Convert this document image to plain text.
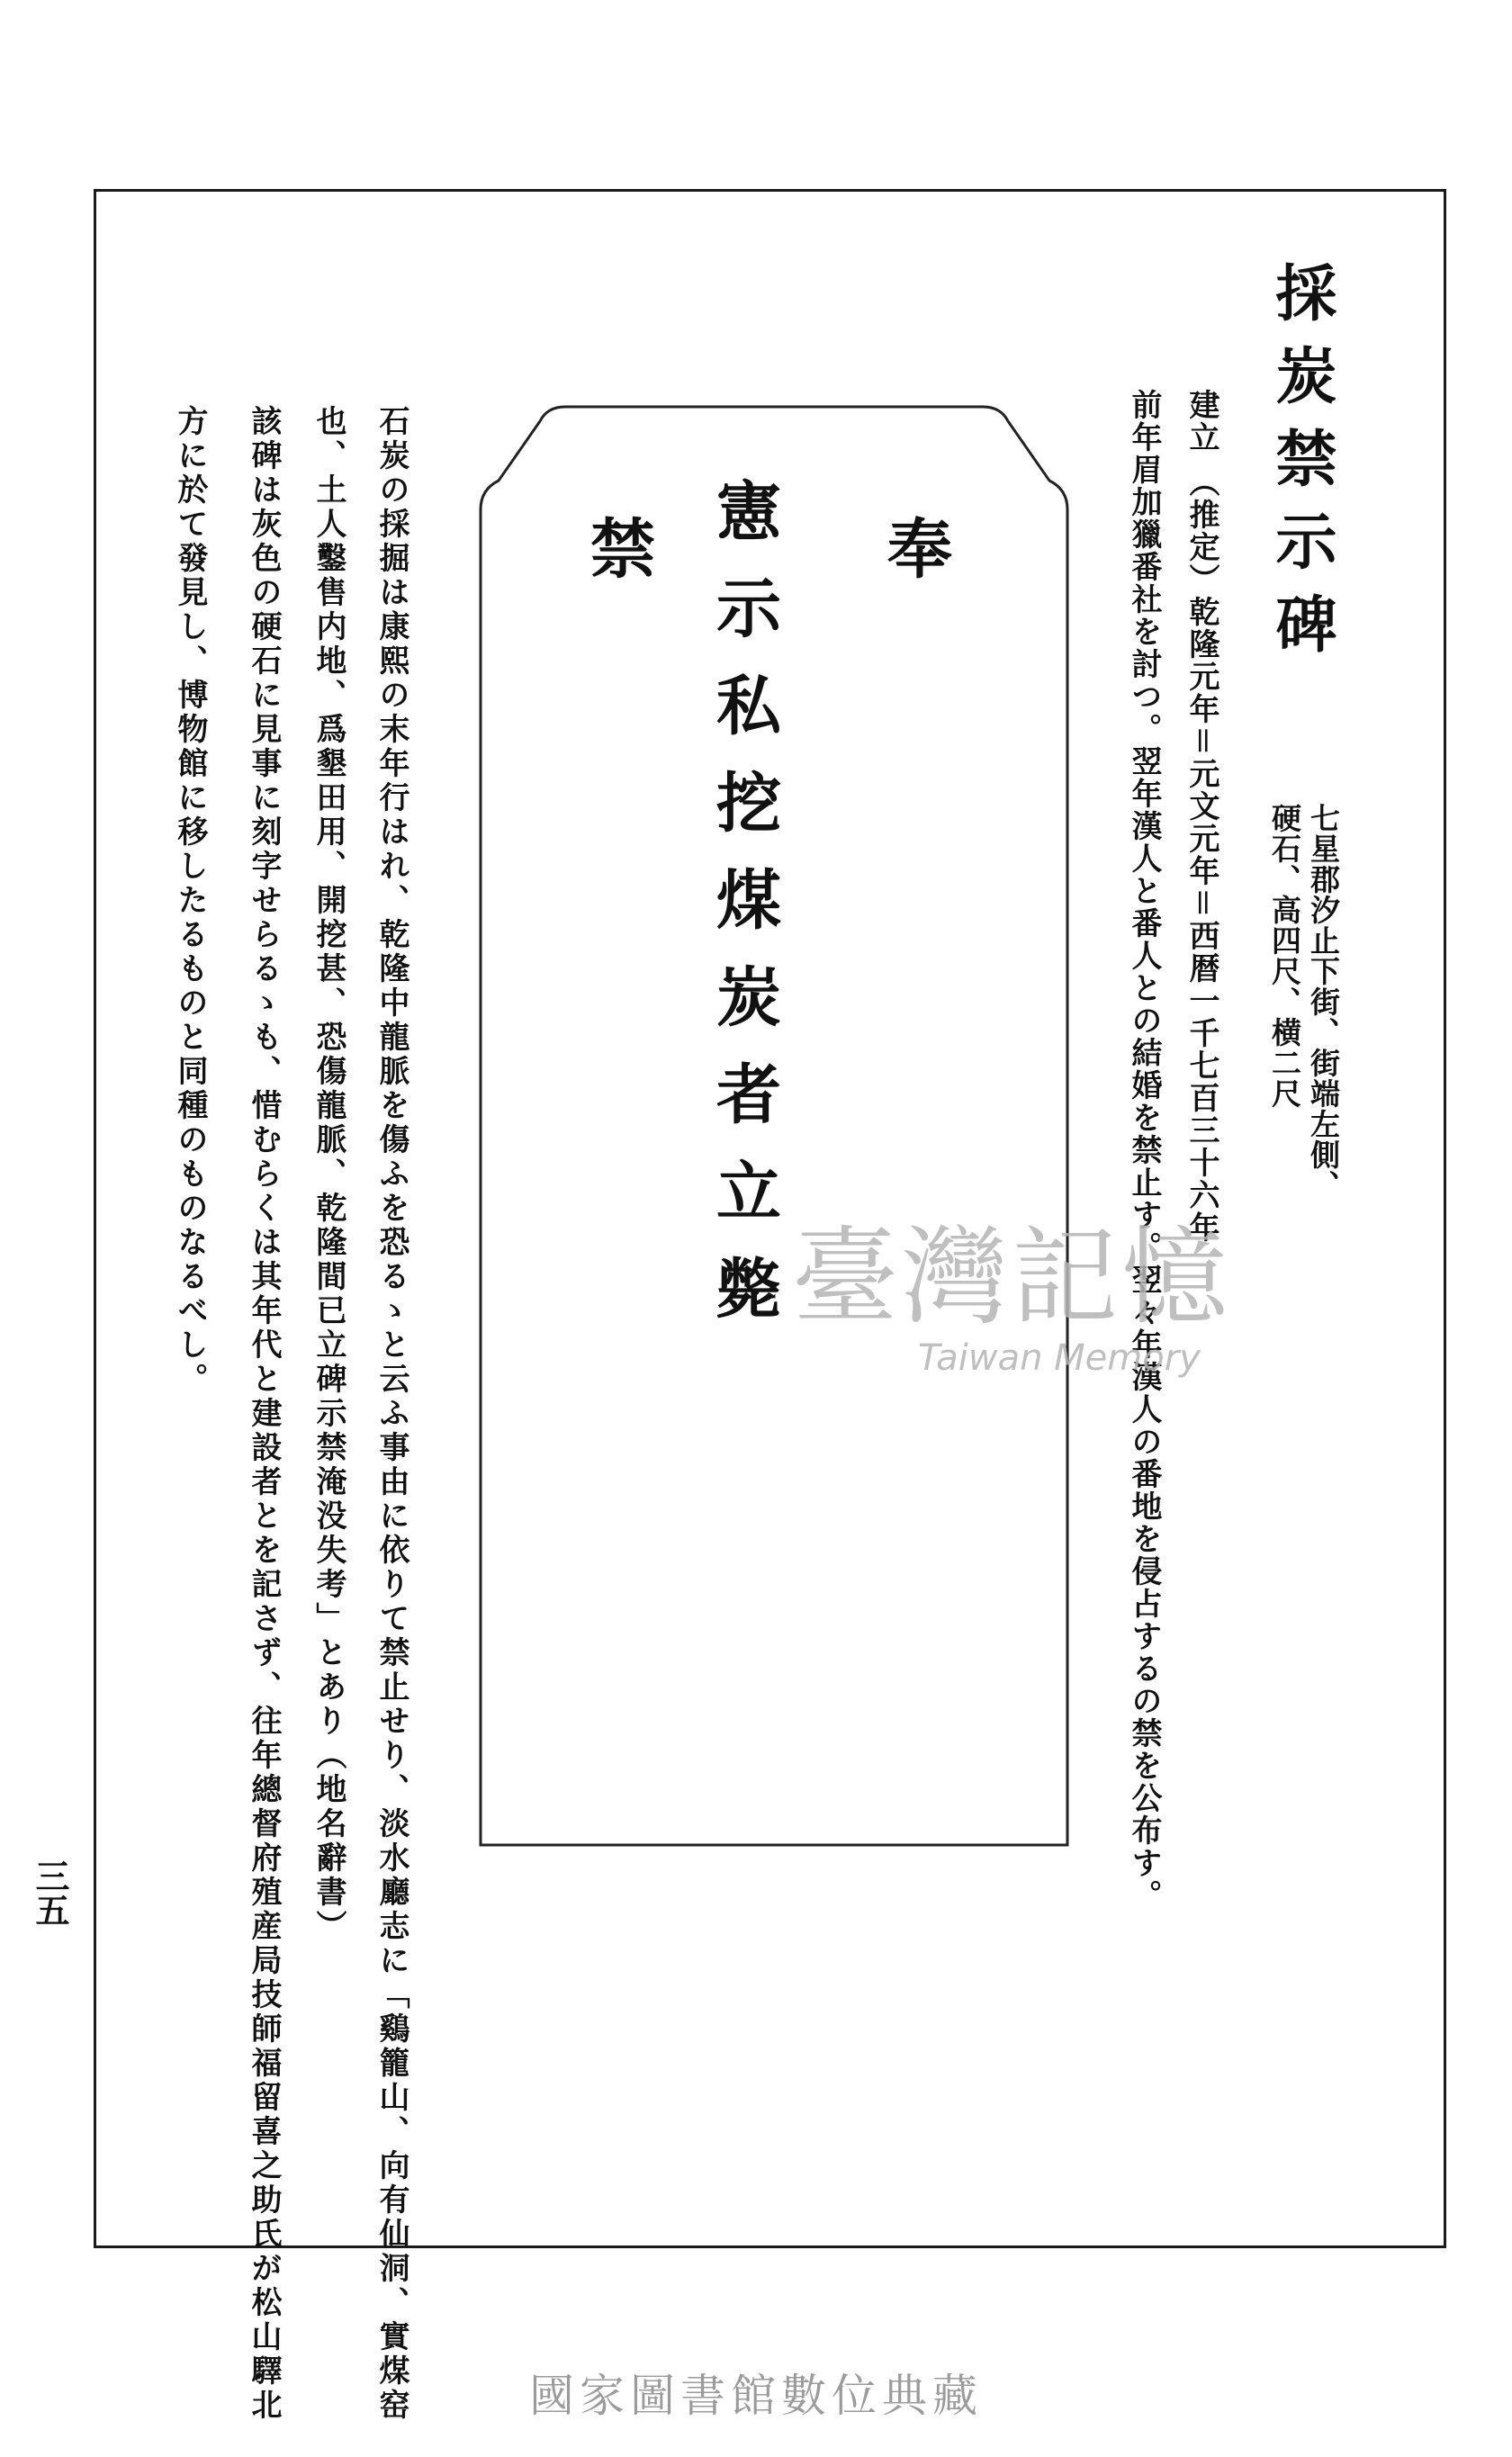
採炭禁示碑
七星郡汐止下街、街端左側、
硬石、高四尺、横二尺
建立 （推定）乾隆元年＝元文元年＝西暦一千七百三十六年
前年眉加獵番社を討つ。翌年漢人と番人との結婚を禁止す。翌々年漢人の番地を侵占するの禁を公布す。
奉
憲示私挖煤炭者立斃
禁
石炭の採掘は康熙の末年行はれ、乾隆中龍脈を傷ふを恐るゝと云ふ事由に依りて禁止せり、淡水廳志に「鷄籠山、向有仙洞、實煤窑
也、土人鑿售内地、爲墾田用、開挖甚、恐傷龍脈、乾隆間已立碑示禁淹没失考」とあり（地名辭書）
該碑は灰色の硬石に見事に刻字せらるゝも、惜むらくは其年代と建設者とを記さず、往年總督府殖産局技師福留喜之助氏が松山驛北
方に於て發見し、博物館に移したるものと同種のものなるべし。
三五
臺灣記憶
Taiwan Memory
國家圖書館數位典藏
